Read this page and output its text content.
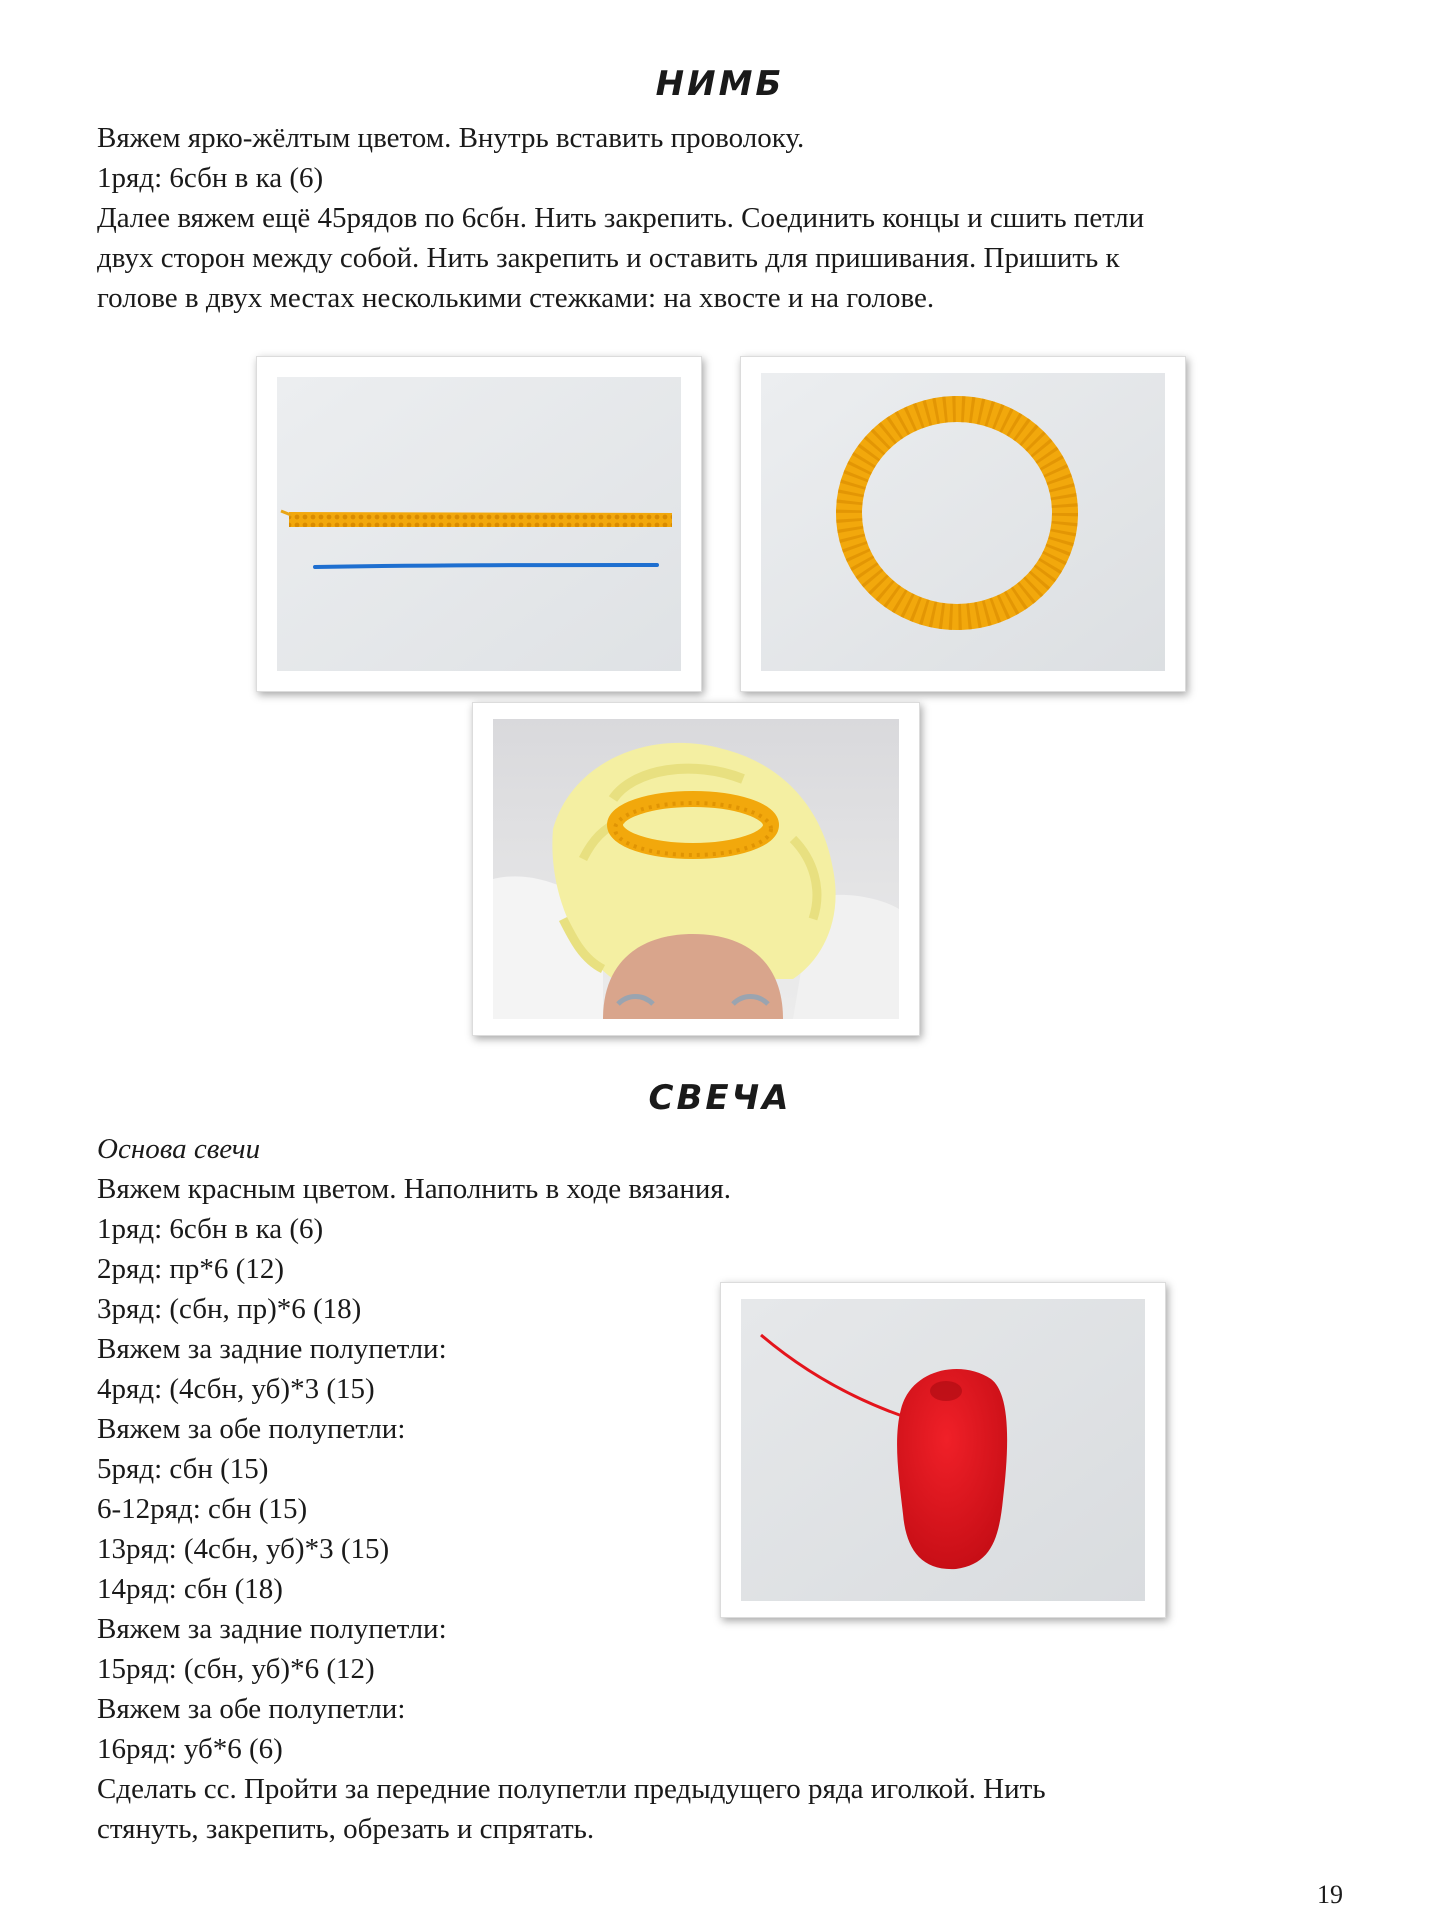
НИМБ

Вяжем ярко-жёлтым цветом. Внутрь вставить проволоку.

1ряд: 6сбн в ка (6)

Далее вяжем ещё 45рядов по 6сбн. Нить закрепить. Соединить концы и сшить петли

двух сторон между собой. Нить закрепить и оставить для пришивания. Пришить к

голове в двух местах несколькими стежками: на хвосте и на голове.

СВЕЧА

Основа свечи

Вяжем красным цветом. Наполнить в ходе вязания.

1ряд: 6сбн в ка (6)

2ряд: пр*6 (12)

3ряд: (сбн, пр)*6 (18)

Вяжем за задние полупетли:

4ряд: (4сбн, уб)*3 (15)

Вяжем за обе полупетли:

5ряд: сбн (15)

6-12ряд: сбн (15)

13ряд: (4сбн, уб)*3 (15)

14ряд: сбн (18)

Вяжем за задние полупетли:

15ряд: (сбн, уб)*6 (12)

Вяжем за обе полупетли:

16ряд: уб*6 (6)

Сделать сс. Пройти за передние полупетли предыдущего ряда иголкой. Нить

стянуть, закрепить, обрезать и спрятать.

19
